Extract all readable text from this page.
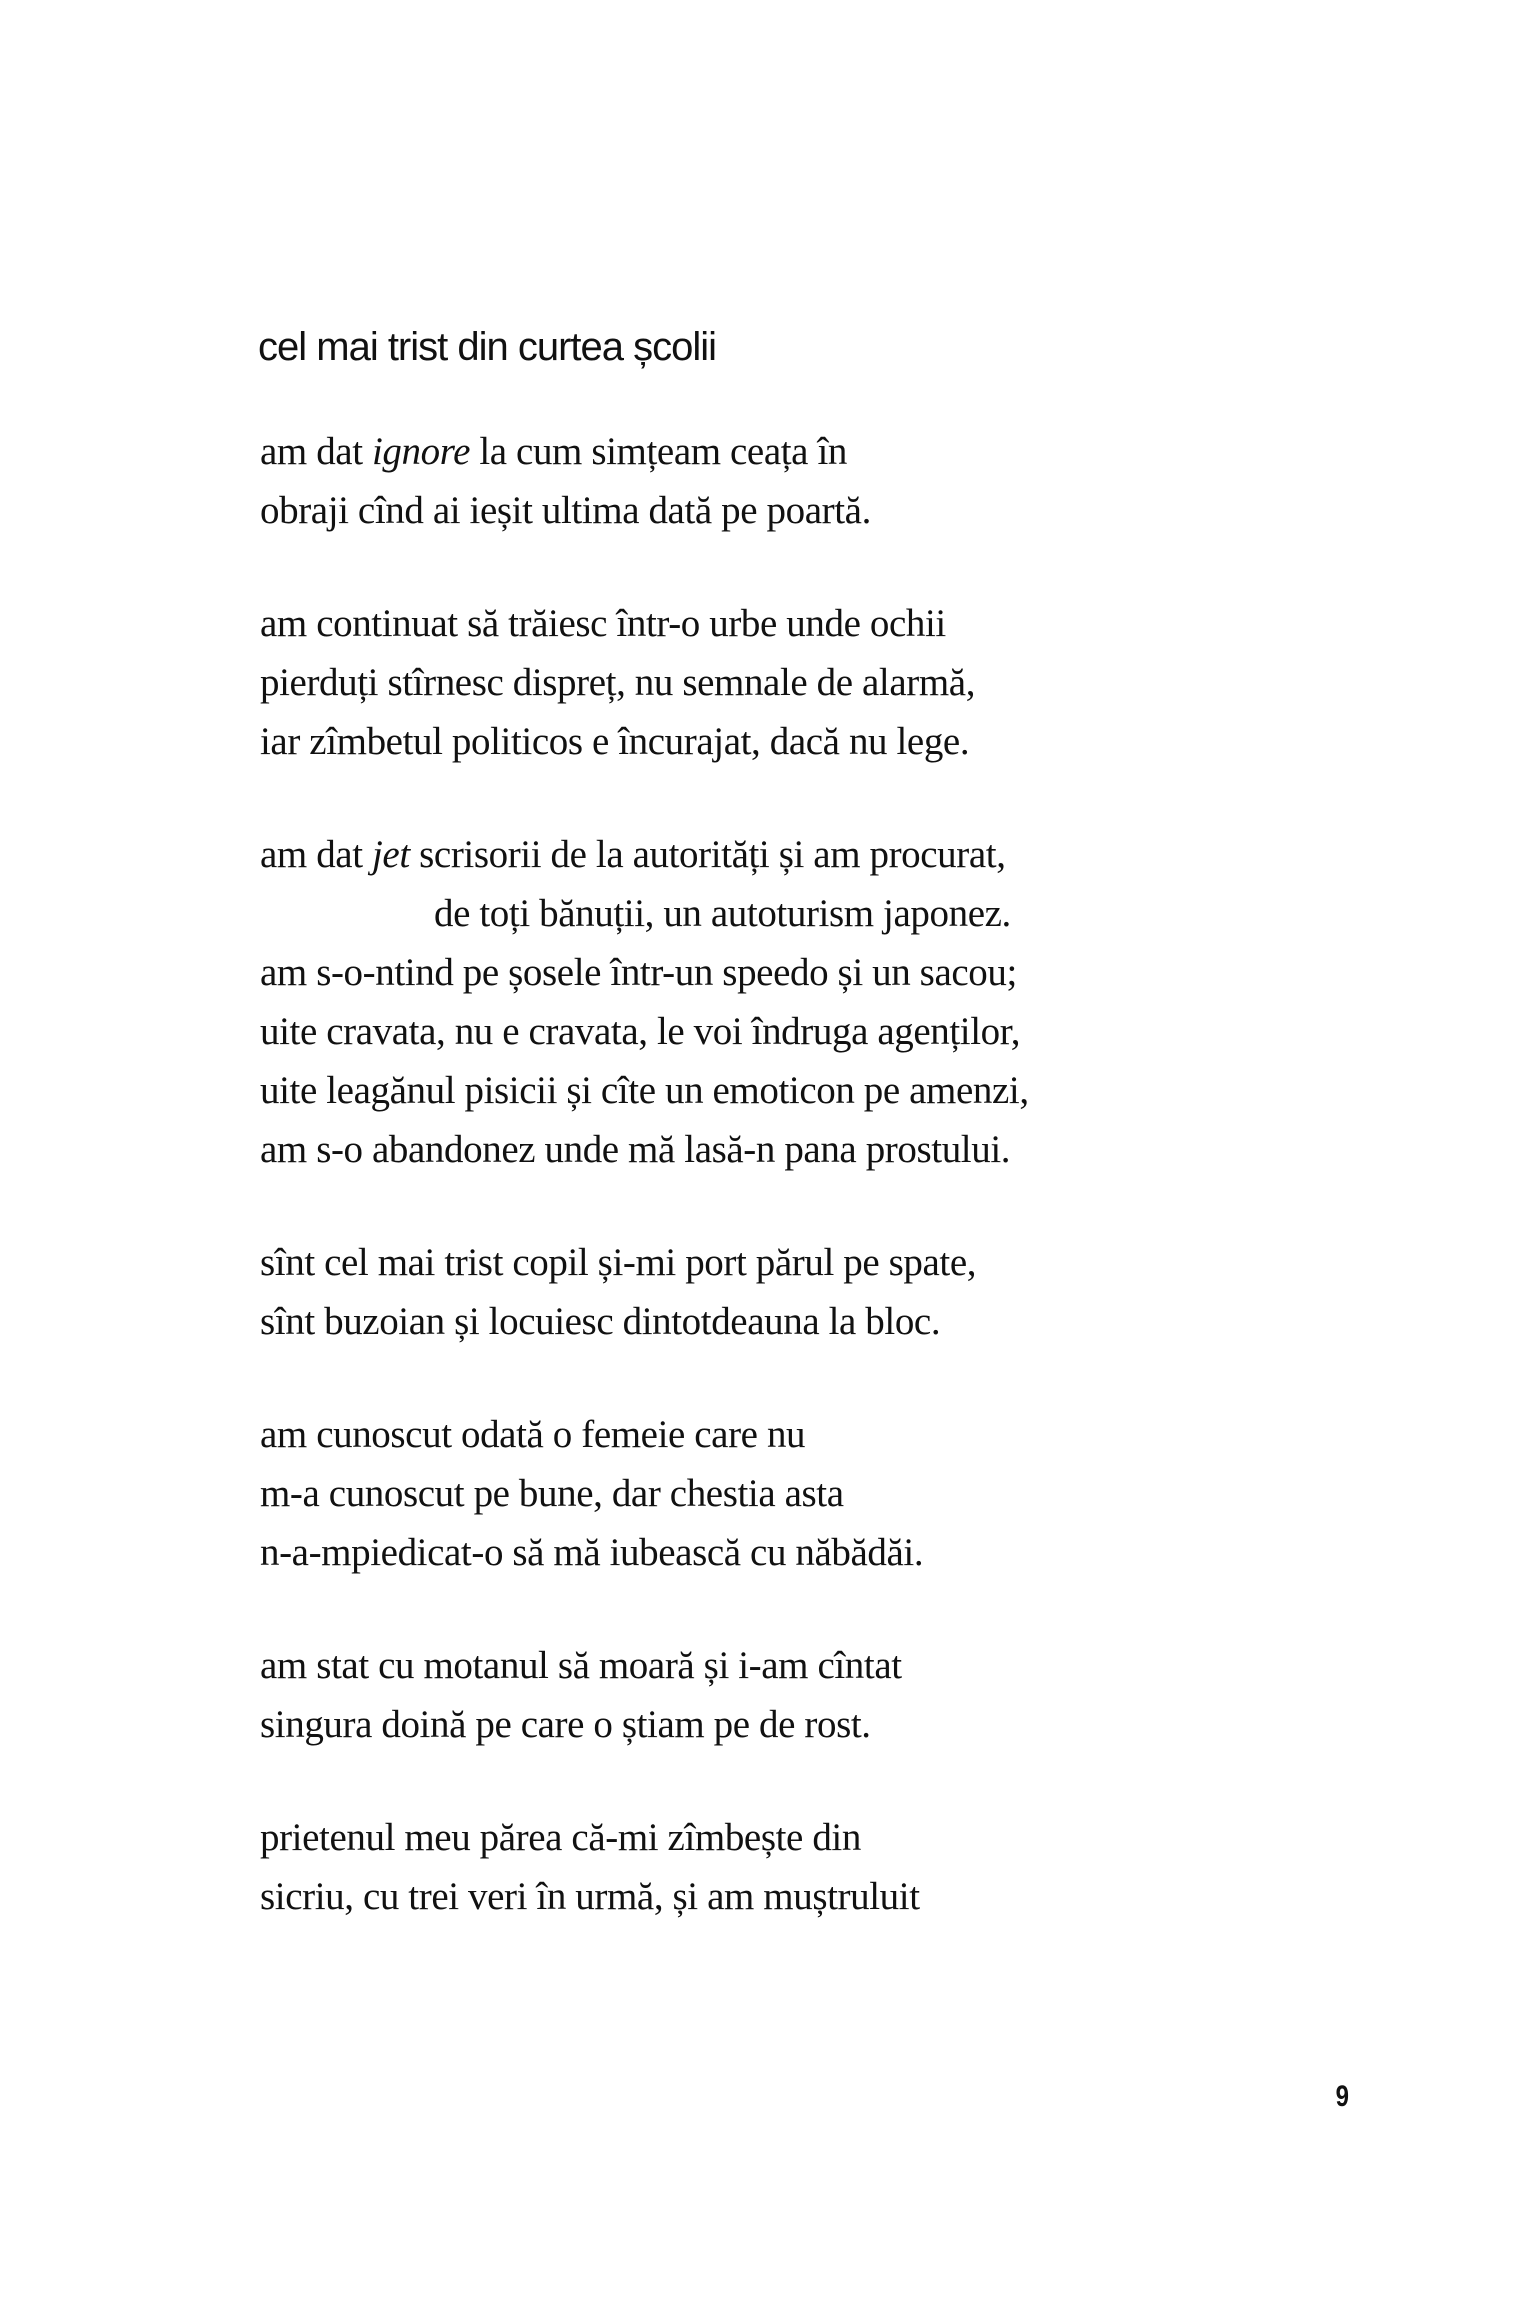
cel mai trist din curtea școlii
am dat ignore la cum simțeam ceața în
obraji cînd ai ieșit ultima dată pe poartă.
am continuat să trăiesc într-o urbe unde ochii
pierduți stîrnesc dispreț, nu semnale de alarmă,
iar zîmbetul politicos e încurajat, dacă nu lege.
am dat jet scrisorii de la autorități și am procurat,
de toți bănuții, un autoturism japonez.
am s-o-ntind pe șosele într-un speedo și un sacou;
uite cravata, nu e cravata, le voi îndruga agenților,
uite leagănul pisicii și cîte un emoticon pe amenzi,
am s-o abandonez unde mă lasă-n pana prostului.
sînt cel mai trist copil și-mi port părul pe spate,
sînt buzoian și locuiesc dintotdeauna la bloc.
am cunoscut odată o femeie care nu
m-a cunoscut pe bune, dar chestia asta
n-a-mpiedicat-o să mă iubească cu năbădăi.
am stat cu motanul să moară și i-am cîntat
singura doină pe care o știam pe de rost.
prietenul meu părea că-mi zîmbește din
sicriu, cu trei veri în urmă, și am muștruluit
9
